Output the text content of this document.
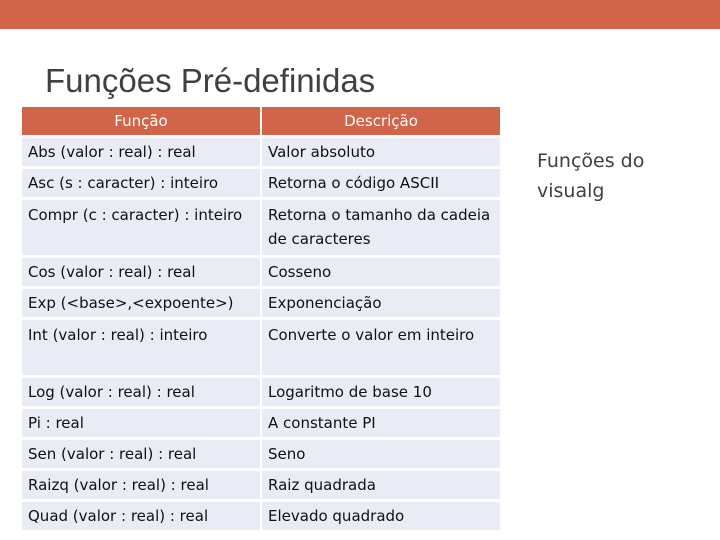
Funções Pré-definidas
Função	Descrição
Abs (valor : real) : real	Valor absoluto
Asc (s : caracter) : inteiro	Retorna o código ASCII
Compr (c : caracter) : inteiro	Retorna o tamanho da cadeia de caracteres
Cos (valor : real) : real	Cosseno
Exp (<base>,<expoente>)	Exponenciação
Int (valor : real) : inteiro	Converte o valor em inteiro
Log (valor : real) : real	Logaritmo de base 10
Pi : real	A constante PI
Sen (valor : real) : real	Seno
Raizq (valor : real) : real	Raiz quadrada
Quad (valor : real) : real	Elevado quadrado
Funções do visualg
